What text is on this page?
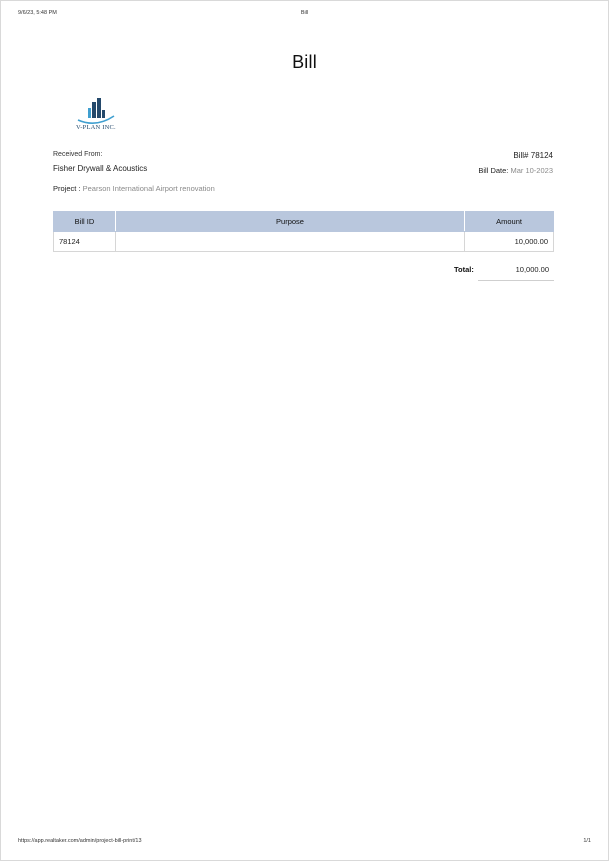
9/6/23, 5:48 PM	Bill
Bill
V-PLAN INC.
Received From:
Fisher Drywall & Acoustics
Project : Pearson International Airport renovation
Bill# 78124
Bill Date: Mar 10-2023
Bill ID	Purpose	Amount
78124		10,000.00
Total:	10,000.00
https://app.realtaker.com/admin/project-bill-print/13	1/1
